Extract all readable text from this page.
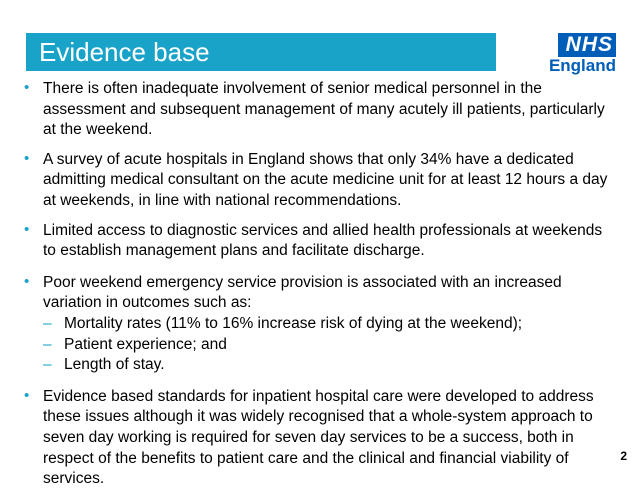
Evidence base	NHS
England
• There is often inadequate involvement of senior medical personnel in the assessment and subsequent management of many acutely ill patients, particularly at the weekend.
• A survey of acute hospitals in England shows that only 34% have a dedicated admitting medical consultant on the acute medicine unit for at least 12 hours a day at weekends, in line with national recommendations.
• Limited access to diagnostic services and allied health professionals at weekends to establish management plans and facilitate discharge.
• Poor weekend emergency service provision is associated with an increased variation in outcomes such as:
– Mortality rates (11% to 16% increase risk of dying at the weekend);
– Patient experience; and
– Length of stay.
• Evidence based standards for inpatient hospital care were developed to address these issues although it was widely recognised that a whole-system approach to seven day working is required for seven day services to be a success, both in respect of the benefits to patient care and the clinical and financial viability of services.
2
